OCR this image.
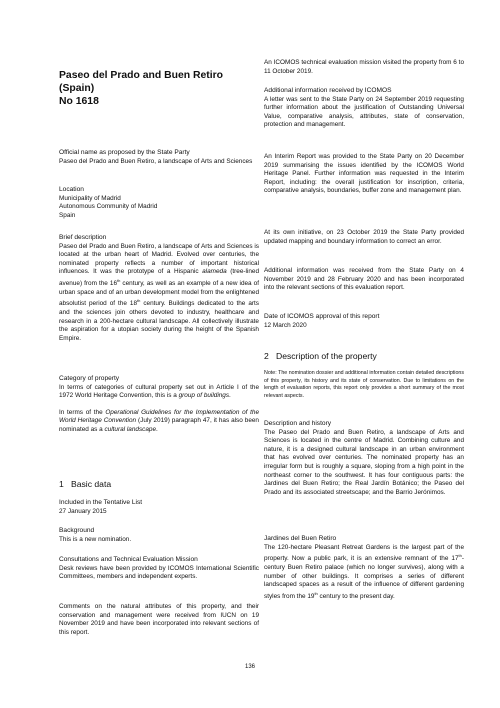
Paseo del Prado and Buen Retiro
(Spain)
No 1618
Official name as proposed by the State Party

Paseo del Prado and Buen Retiro, a landscape of Arts and Sciences

Location

Municipality of Madrid

Autonomous Community of Madrid

Spain

Brief description

Paseo del Prado and Buen Retiro, a landscape of Arts and Sciences is located at the urban heart of Madrid. Evolved over centuries, the nominated property reflects a number of important historical influences. It was the prototype of a Hispanic alameda (tree-lined avenue) from the 16th century, as well as an example of a new idea of urban space and of an urban development model from the enlightened absolutist period of the 18th century. Buildings dedicated to the arts and the sciences join others devoted to industry, healthcare and research in a 200-hectare cultural landscape. All collectively illustrate the aspiration for a utopian society during the height of the Spanish Empire.

Category of property

In terms of categories of cultural property set out in Article I of the 1972 World Heritage Convention, this is a group of buildings.

In terms of the Operational Guidelines for the Implementation of the World Heritage Convention (July 2019) paragraph 47, it has also been nominated as a cultural landscape.

1 Basic data
Included in the Tentative List

27 January 2015

Background

This is a new nomination.

Consultations and Technical Evaluation Mission

Desk reviews have been provided by ICOMOS International Scientific Committees, members and independent experts.

Comments on the natural attributes of this property, and their conservation and management were received from IUCN on 19 November 2019 and have been incorporated into relevant sections of this report.

An ICOMOS technical evaluation mission visited the property from 6 to 11 October 2019.

Additional information received by ICOMOS

A letter was sent to the State Party on 24 September 2019 requesting further information about the justification of Outstanding Universal Value, comparative analysis, attributes, state of conservation, protection and management.

An Interim Report was provided to the State Party on 20 December 2019 summarising the issues identified by the ICOMOS World Heritage Panel. Further information was requested in the Interim Report, including: the overall justification for inscription, criteria, comparative analysis, boundaries, buffer zone and management plan.

At its own initiative, on 23 October 2019 the State Party provided updated mapping and boundary information to correct an error.

Additional information was received from the State Party on 4 November 2019 and 28 February 2020 and has been incorporated into the relevant sections of this evaluation report.

Date of ICOMOS approval of this report

12 March 2020

2 Description of the property

Note: The nomination dossier and additional information contain detailed descriptions of this property, its history and its state of conservation. Due to limitations on the length of evaluation reports, this report only provides a short summary of the most relevant aspects.

Description and history

The Paseo del Prado and Buen Retiro, a landscape of Arts and Sciences is located in the centre of Madrid. Combining culture and nature, it is a designed cultural landscape in an urban environment that has evolved over centuries. The nominated property has an irregular form but is roughly a square, sloping from a high point in the northeast corner to the southwest. It has four contiguous parts: the Jardines del Buen Retiro; the Real Jardín Botánico; the Paseo del Prado and its associated streetscape; and the Barrio Jerónimos.

Jardines del Buen Retiro

The 120-hectare Pleasant Retreat Gardens is the largest part of the property. Now a public park, it is an extensive remnant of the 17th-century Buen Retiro palace (which no longer survives), along with a number of other buildings. It comprises a series of different landscaped spaces as a result of the influence of different gardening styles from the 19th century to the present day.

136
